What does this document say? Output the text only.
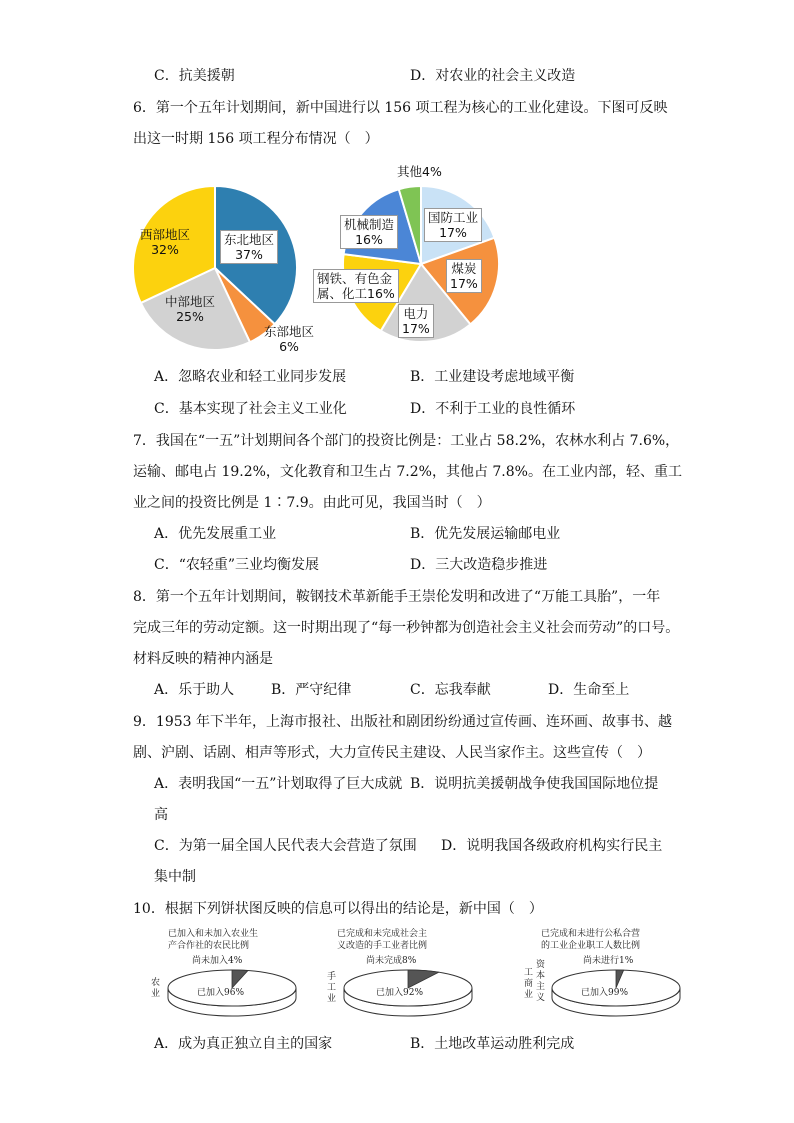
C．抗美援朝	D．对农业的社会主义改造
6．第一个五年计划期间，新中国进行以 156 项工程为核心的工业化建设。下图可反映
出这一时期 156 项工程分布情况（　）
西部地区
32%
东北地区
37%
中部地区
25%
东部地区
6%
其他4%
国防工业
17%
机械制造
16%
煤炭
17%
钢铁、有色金
属、化工16%
电力
17%
A．忽略农业和轻工业同步发展	B．工业建设考虑地域平衡
C．基本实现了社会主义工业化	D．不利于工业的良性循环
7．我国在“一五”计划期间各个部门的投资比例是：工业占 58.2%，农林水利占 7.6%，
运输、邮电占 19.2%，文化教育和卫生占 7.2%，其他占 7.8%。在工业内部，轻、重工
业之间的投资比例是 1∶7.9。由此可见，我国当时（　）
A．优先发展重工业	B．优先发展运输邮电业
C．“农轻重”三业均衡发展	D．三大改造稳步推进
8．第一个五年计划期间，鞍钢技术革新能手王崇伦发明和改进了“万能工具胎”，一年
完成三年的劳动定额。这一时期出现了“每一秒钟都为创造社会主义社会而劳动”的口号。
材料反映的精神内涵是
A．乐于助人	B．严守纪律	C．忘我奉献	D．生命至上
9．1953 年下半年，上海市报社、出版社和剧团纷纷通过宣传画、连环画、故事书、越
剧、沪剧、话剧、相声等形式，大力宣传民主建设、人民当家作主。这些宣传（　）
A．表明我国“一五”计划取得了巨大成就 B．说明抗美援朝战争使我国国际地位提
高
C．为第一届全国人民代表大会营造了氛围 D．说明我国各级政府机构实行民主
集中制
10．根据下列饼状图反映的信息可以得出的结论是，新中国（　）
已加入和未加入农业生
产合作社的农民比例
尚未加入4%
农业	已加入96%
已完成和未完成社会主
义改造的手工业者比例
尚未完成8%
手工业
已加入92%
已完成和未进行公私合营
的工业企业职工人数比例
尚未进行1%
工商业
资本主义	已加入99%
A．成为真正独立自主的国家	B．土地改革运动胜利完成
